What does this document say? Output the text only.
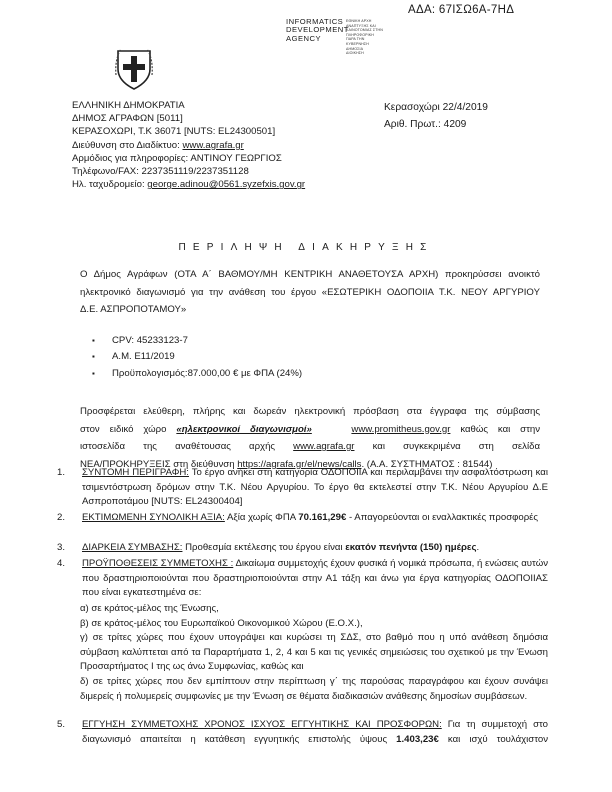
ΑΔΑ: 67ΙΣΩ6Α-7ΗΔ
INFORMATICS
DEVELOPMENT
AGENCY
ΕΘΝΙΚΗ ΑΡΧΗ
ΑΝΑΠΤΥΞΗΣ ΚΑΙ
ΚΑΙΝΟΤΟΜΙΑΣ ΣΤΗΝ
ΠΛΗΡΟΦΟΡΙΚΗ
ΠΑΡΑ ΤΗΝ
ΚΥΒΕΡΝΗΣΗ
ΔΗΜΟΣΙΑ
ΔΙΟΙΚΗΣΗ
ΕΛΛΗΝΙΚΗ ΔΗΜΟΚΡΑΤΙΑ
ΔΗΜΟΣ ΑΓΡΑΦΩΝ [5011]
ΚΕΡΑΣΟΧΩΡΙ, Τ.Κ 36071 [NUTS: EL24300501]
Διεύθυνση στο Διαδίκτυο: www.agrafa.gr
Αρμόδιος για πληροφορίες: ΑΝΤΙΝΟΥ ΓΕΩΡΓΙΟΣ
Τηλέφωνο/FAX: 2237351119/2237351128
Ηλ. ταχυδρομείο: george.adinou@0561.syzefxis.gov.gr
Κερασοχώρι 22/4/2019
Αριθ. Πρωτ.: 4209
ΠΕΡΙΛΗΨΗ ΔΙΑΚΗΡΥΞΗΣ
Ο Δήμος Αγράφων (ΟΤΑ Α΄ ΒΑΘΜΟΥ/ΜΗ ΚΕΝΤΡΙΚΗ ΑΝΑΘΕΤΟΥΣΑ ΑΡΧΗ) προκηρύσσει ανοικτό
ηλεκτρονικό διαγωνισμό για την ανάθεση του έργου «ΕΣΩΤΕΡΙΚΗ ΟΔΟΠΟΙΙΑ Τ.Κ. ΝΕΟΥ ΑΡΓΥΡΙΟΥ
Δ.Ε. ΑΣΠΡΟΠΟΤΑΜΟΥ»
▪ CPV: 45233123-7
▪ Α.Μ. Ε11/2019
▪ Προϋπολογισμός:87.000,00 € με ΦΠΑ (24%)
Προσφέρεται ελεύθερη, πλήρης και δωρεάν ηλεκτρονική πρόσβαση στα έγγραφα της σύμβασης
στον ειδικό χώρο «ηλεκτρονικοί διαγωνισμοί»	www.promitheus.gov.gr καθώς και στην
ιστοσελίδα της αναθέτουσας αρχής www.agrafa.gr και συγκεκριμένα στη σελίδα
ΝΕΑ/ΠΡΟΚΗΡΥΞΕΙΣ στη διεύθυνση https://agrafa.gr/el/news/calls. (Α.Α. ΣΥΣΤΗΜΑΤΟΣ : 81544)
1. ΣΥΝΤΟΜΗ ΠΕΡΙΓΡΑΦΗ: Το έργο ανήκει στη κατηγορία ΟΔΟΠΟΙΙΑ και περιλαμβάνει την ασφαλτόστρωση και τσιμεντόστρωση δρόμων στην Τ.Κ. Νέου Αργυρίου. Το έργο θα εκτελεστεί στην Τ.Κ. Νέου Αργυρίου Δ.Ε Ασπροποτάμου [NUTS: EL24300404]
2. ΕΚΤΙΜΩΜΕΝΗ ΣΥΝΟΛΙΚΗ ΑΞΙΑ: Αξία χωρίς ΦΠΑ 70.161,29€ - Απαγορεύονται οι εναλλακτικές προσφορές
3. ΔΙΑΡΚΕΙΑ ΣΥΜΒΑΣΗΣ: Προθεσμία εκτέλεσης του έργου είναι εκατόν πενήντα (150) ημέρες.
4. ΠΡΟΫΠΟΘΕΣΕΙΣ ΣΥΜΜΕΤΟΧΗΣ : Δικαίωμα συμμετοχής έχουν φυσικά ή νομικά πρόσωπα, ή ενώσεις αυτών που δραστηριοποιούνται που δραστηριοποιούνται στην Α1 τάξη και άνω για έργα κατηγορίας ΟΔΟΠΟΙΙΑΣ που είναι εγκατεστημένα σε:
α) σε κράτος-μέλος της Ένωσης,
β) σε κράτος-μέλος του Ευρωπαϊκού Οικονομικού Χώρου (Ε.Ο.Χ.),
γ) σε τρίτες χώρες που έχουν υπογράψει και κυρώσει τη ΣΔΣ, στο βαθμό που η υπό ανάθεση δημόσια σύμβαση καλύπτεται από τα Παραρτήματα 1, 2, 4 και 5 και τις γενικές σημειώσεις του σχετικού με την Ένωση Προσαρτήματος Ι της ως άνω Συμφωνίας, καθώς και
δ) σε τρίτες χώρες που δεν εμπίπτουν στην περίπτωση γ΄ της παρούσας παραγράφου και έχουν συνάψει διμερείς ή πολυμερείς συμφωνίες με την Ένωση σε θέματα διαδικασιών ανάθεσης δημοσίων συμβάσεων.
5. ΕΓΓΥΗΣΗ ΣΥΜΜΕΤΟΧΗΣ ΧΡΟΝΟΣ ΙΣΧΥΟΣ ΕΓΓΥΗΤΙΚΗΣ ΚΑΙ ΠΡΟΣΦΟΡΩΝ: Για τη συμμετοχή στο διαγωνισμό απαιτείται η κατάθεση εγγυητικής επιστολής ύψους 1.403,23€ και ισχύ τουλάχιστον
